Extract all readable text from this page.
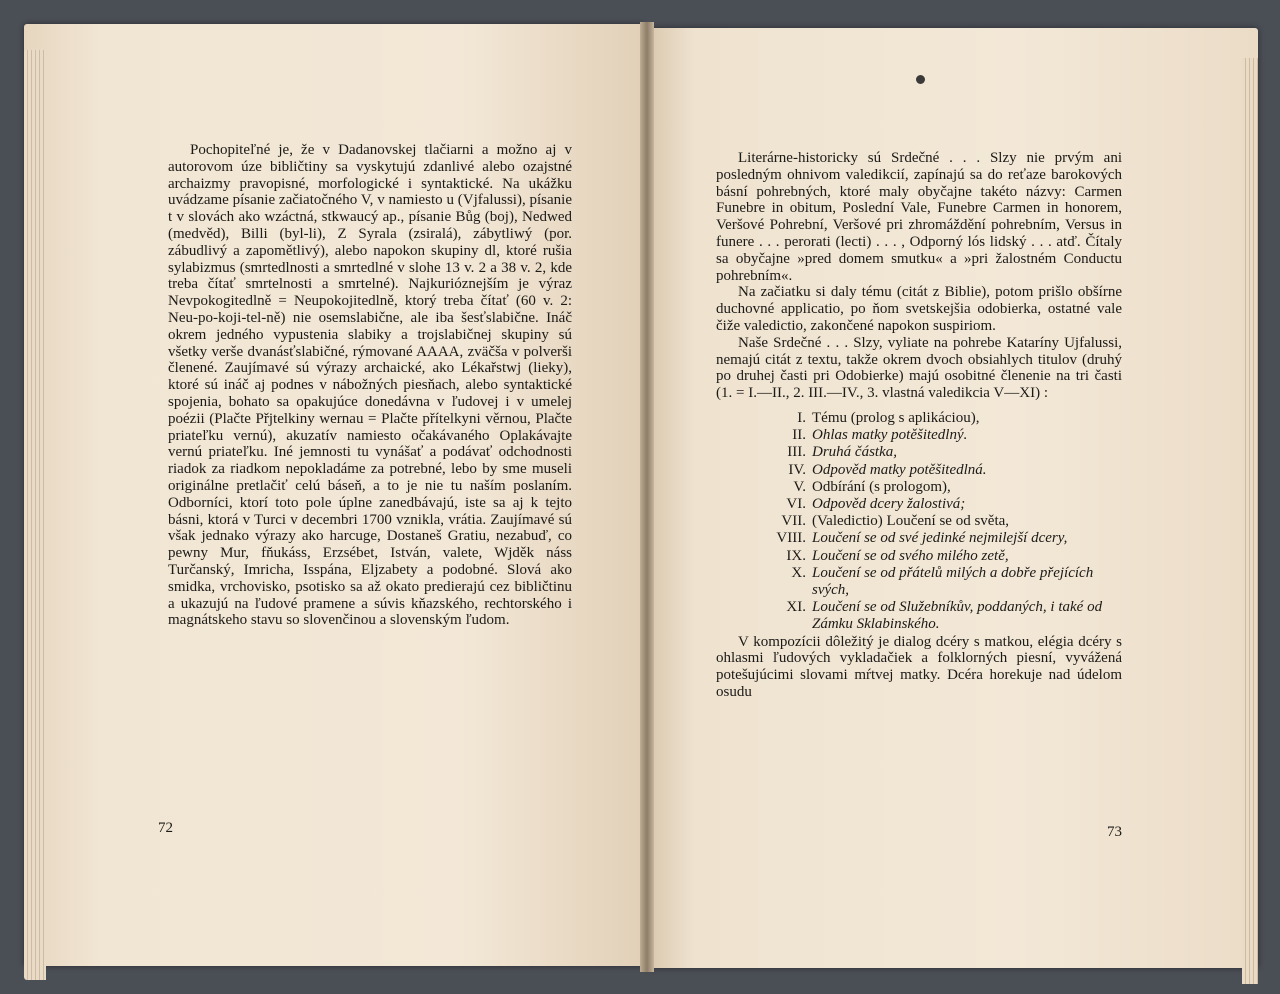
Pochopiteľné je, že v Dadanovskej tlačiarni a možno aj v autorovom úze bibličtiny sa vyskytujú zdanlivé alebo ozajstné archaizmy pravopisné, morfologické i syntaktické. Na ukážku uvádzame písanie začiatočného V, v namiesto u (Vjfalussi), písanie t v slovách ako wzáctná, stkwaucý ap., písanie Bůg (boj), Nedwed (medvěd), Billi (byl-li), Z Syrala (zsiralá), zábytliwý (por. zábudlivý a zapomětlivý), alebo napokon skupiny dl, ktoré rušia sylabizmus (smrtedlnosti a smrtedlné v slohe 13 v. 2 a 38 v. 2, kde treba čítať smrtelnosti a smrtelné). Najkurióznejším je výraz Nevpokogitedlně = Neupokojitedlně, ktorý treba čítať (60 v. 2: Neu-po-koji-tel-ně) nie osemslabične, ale iba šesťslabične. Ináč okrem jedného vypustenia slabiky a trojslabičnej skupiny sú všetky verše dvanásťslabičné, rýmované AAAA, zväčša v polverši členené. Zaujímavé sú výrazy archaické, ako Lékařstwj (lieky), ktoré sú ináč aj podnes v nábožných piesňach, alebo syntaktické spojenia, bohato sa opakujúce donedávna v ľudovej i v umelej poézii (Plačte Přjtelkiny wernau = Plačte přítelkyni věrnou, Plačte priateľku vernú), akuzatív namiesto očakávaného Oplakávajte vernú priateľku. Iné jemnosti tu vynášať a podávať odchodnosti riadok za riadkom nepokladáme za potrebné, lebo by sme museli originálne pretlačiť celú báseň, a to je nie tu naším poslaním. Odborníci, ktorí toto pole úplne zanedbávajú, iste sa aj k tejto básni, ktorá v Turci v decembri 1700 vznikla, vrátia. Zaujímavé sú však jednako výrazy ako harcuge, Dostaneš Gratiu, nezabuď, co pewny Mur, fňukáss, Erzsébet, István, valete, Wjděk náss Turčanský, Imricha, Isspána, Eljzabety a podobné. Slová ako smidka, vrchovisko, psotisko sa až okato predierajú cez bibličtinu a ukazujú na ľudové pramene a súvis kňazského, rechtorského i magnátskeho stavu so slovenčinou a slovenským ľudom.

72

Literárne-historicky sú Srdečné . . . Slzy nie prvým ani posledným ohnivom valedikcií, zapínajú sa do reťaze barokových básní pohrebných, ktoré maly obyčajne takéto názvy: Carmen Funebre in obitum, Poslední Vale, Funebre Carmen in honorem, Veršové Pohrební, Veršové pri zhromáždění pohrebním, Versus in funere . . . perorati (lecti) . . . , Odporný lós lidský . . . atď. Čítaly sa obyčajne »pred domem smutku« a »pri žalostném Conductu pohrebním«.

Na začiatku si daly tému (citát z Biblie), potom prišlo obšírne duchovné applicatio, po ňom svetskejšia odobierka, ostatné vale čiže valedictio, zakončené napokon suspiriom.

Naše Srdečné . . . Slzy, vyliate na pohrebe Kataríny Ujfalussi, nemajú citát z textu, takže okrem dvoch obsiahlych titulov (druhý po druhej časti pri Odobierke) majú osobitné členenie na tri časti (1. = I.—II., 2. III.—IV., 3. vlastná valedikcia V—XI) :

I. Tému (prolog s aplikáciou),
II. Ohlas matky potěšitedlný.
III. Druhá částka,
IV. Odpověd matky potěšitedlná.
V. Odbírání (s prologom),
VI. Odpověd dcery žalostivá;
VII. (Valedictio) Loučení se od světa,
VIII. Loučení se od své jedinké nejmilejší dcery,
IX. Loučení se od svého milého zetě,
X. Loučení se od přátelů milých a dobře přejících svých,
XI. Loučení se od Služebníkův, poddaných, i také od Zámku Sklabinského.

V kompozícii dôležitý je dialog dcéry s matkou, elégia dcéry s ohlasmi ľudových vykladačiek a folklorných piesní, vyvážená potešujúcimi slovami mŕtvej matky. Dcéra horekuje nad údelom osudu

73
